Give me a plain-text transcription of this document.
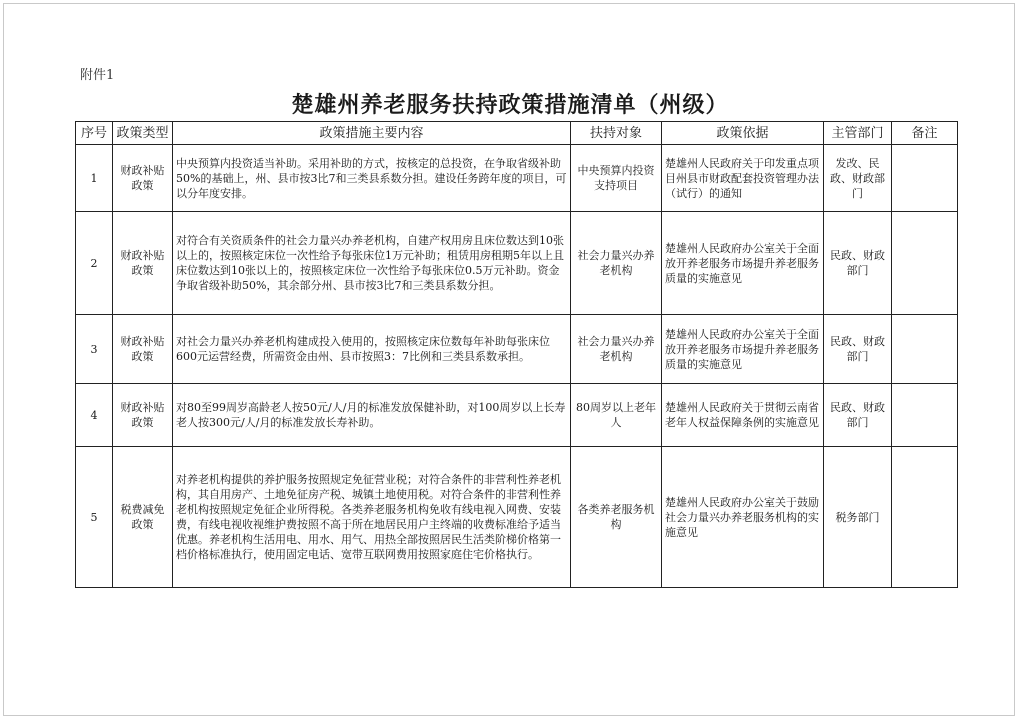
附件1
楚雄州养老服务扶持政策措施清单（州级）
序号	政策类型	政策措施主要内容	扶持对象	政策依据	主管部门	备注
1	财政补贴政策	中央预算内投资适当补助。采用补助的方式，按核定的总投资，在争取省级补助50%的基础上，州、县市按3比7和三类县系数分担。建设任务跨年度的项目，可以分年度安排。	中央预算内投资支持项目	楚雄州人民政府关于印发重点项目州县市财政配套投资管理办法（试行）的通知	发改、民政、财政部门	
2	财政补贴政策	对符合有关资质条件的社会力量兴办养老机构，自建产权用房且床位数达到10张以上的，按照核定床位一次性给予每张床位1万元补助；租赁用房租期5年以上且床位数达到10张以上的，按照核定床位一次性给予每张床位0.5万元补助。资金争取省级补助50%，其余部分州、县市按3比7和三类县系数分担。	社会力量兴办养老机构	楚雄州人民政府办公室关于全面放开养老服务市场提升养老服务质量的实施意见	民政、财政部门	
3	财政补贴政策	对社会力量兴办养老机构建成投入使用的，按照核定床位数每年补助每张床位600元运营经费，所需资金由州、县市按照3：7比例和三类县系数承担。	社会力量兴办养老机构	楚雄州人民政府办公室关于全面放开养老服务市场提升养老服务质量的实施意见	民政、财政部门	
4	财政补贴政策	对80至99周岁高龄老人按50元/人/月的标准发放保健补助，对100周岁以上长寿老人按300元/人/月的标准发放长寿补助。	80周岁以上老年人	楚雄州人民政府关于贯彻云南省老年人权益保障条例的实施意见	民政、财政部门	
5	税费减免政策	对养老机构提供的养护服务按照规定免征营业税；对符合条件的非营利性养老机构，其自用房产、土地免征房产税、城镇土地使用税。对符合条件的非营利性养老机构按照规定免征企业所得税。各类养老服务机构免收有线电视入网费、安装费，有线电视收视维护费按照不高于所在地居民用户主终端的收费标准给予适当优惠。养老机构生活用电、用水、用气、用热全部按照居民生活类阶梯价格第一档价格标准执行，使用固定电话、宽带互联网费用按照家庭住宅价格执行。	各类养老服务机构	楚雄州人民政府办公室关于鼓励社会力量兴办养老服务机构的实施意见	税务部门	
